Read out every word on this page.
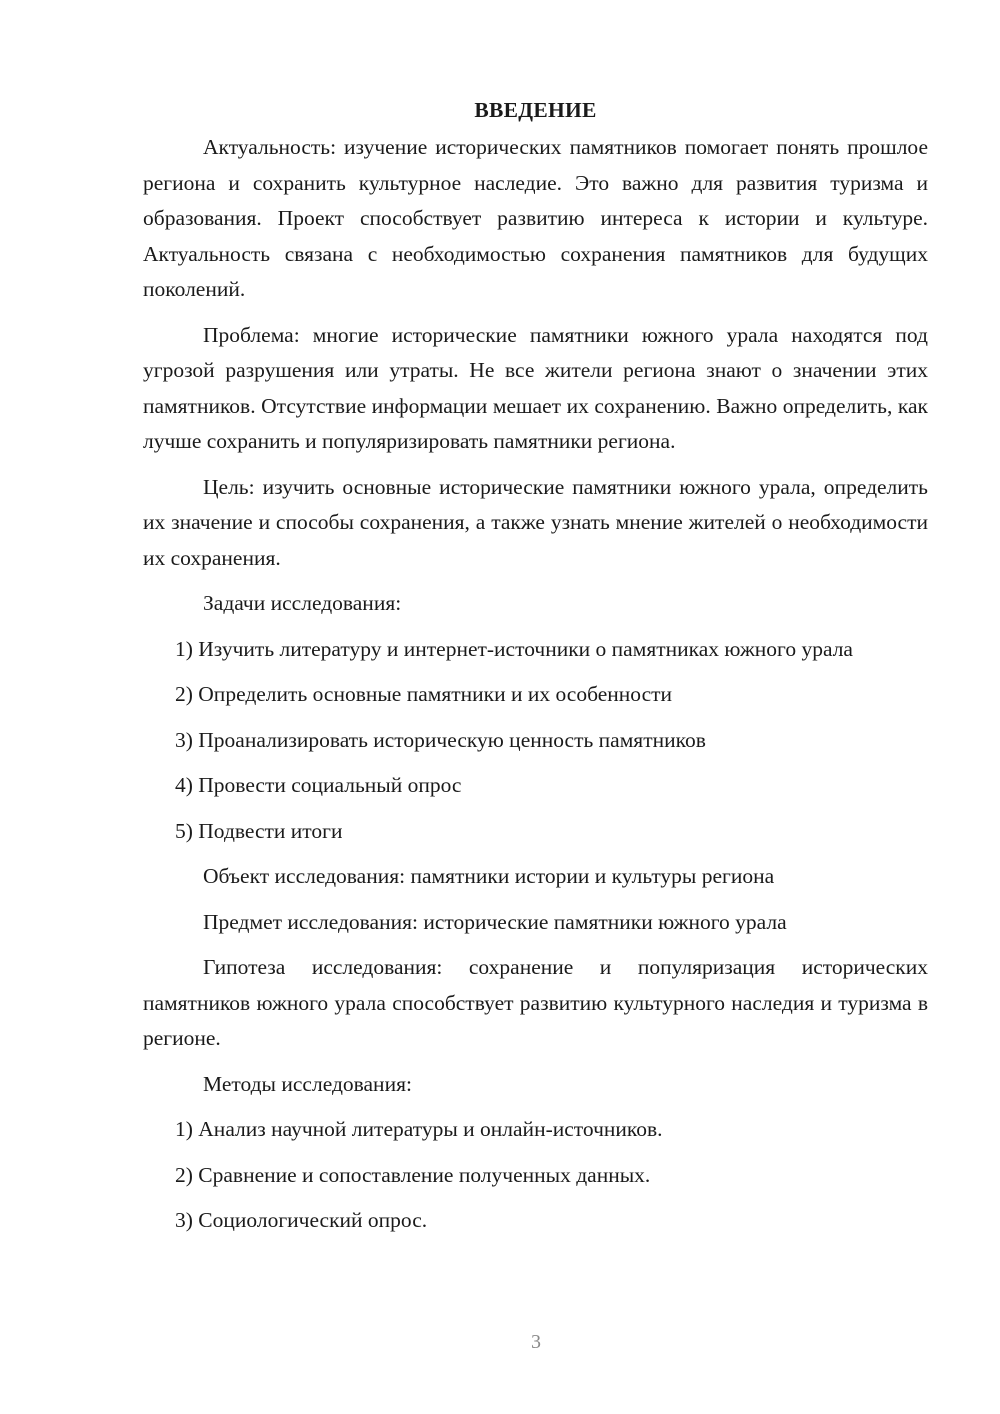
ВВЕДЕНИЕ

Актуальность: изучение исторических памятников помогает понять прошлое региона и сохранить культурное наследие. Это важно для развития туризма и образования. Проект способствует развитию интереса к истории и культуре. Актуальность связана с необходимостью сохранения памятников для будущих поколений.

Проблема: многие исторические памятники южного урала находятся под угрозой разрушения или утраты. Не все жители региона знают о значении этих памятников. Отсутствие информации мешает их сохранению. Важно определить, как лучше сохранить и популяризировать памятники региона.

Цель: изучить основные исторические памятники южного урала, определить их значение и способы сохранения, а также узнать мнение жителей о необходимости их сохранения.

Задачи исследования:

1) Изучить литературу и интернет-источники о памятниках южного урала

2) Определить основные памятники и их особенности

3) Проанализировать историческую ценность памятников

4) Провести социальный опрос

5) Подвести итоги

Объект исследования: памятники истории и культуры региона

Предмет исследования: исторические памятники южного урала

Гипотеза исследования: сохранение и популяризация исторических памятников южного урала способствует развитию культурного наследия и туризма в регионе.

Методы исследования:

1) Анализ научной литературы и онлайн-источников.

2) Сравнение и сопоставление полученных данных.

3) Социологический опрос.

3
